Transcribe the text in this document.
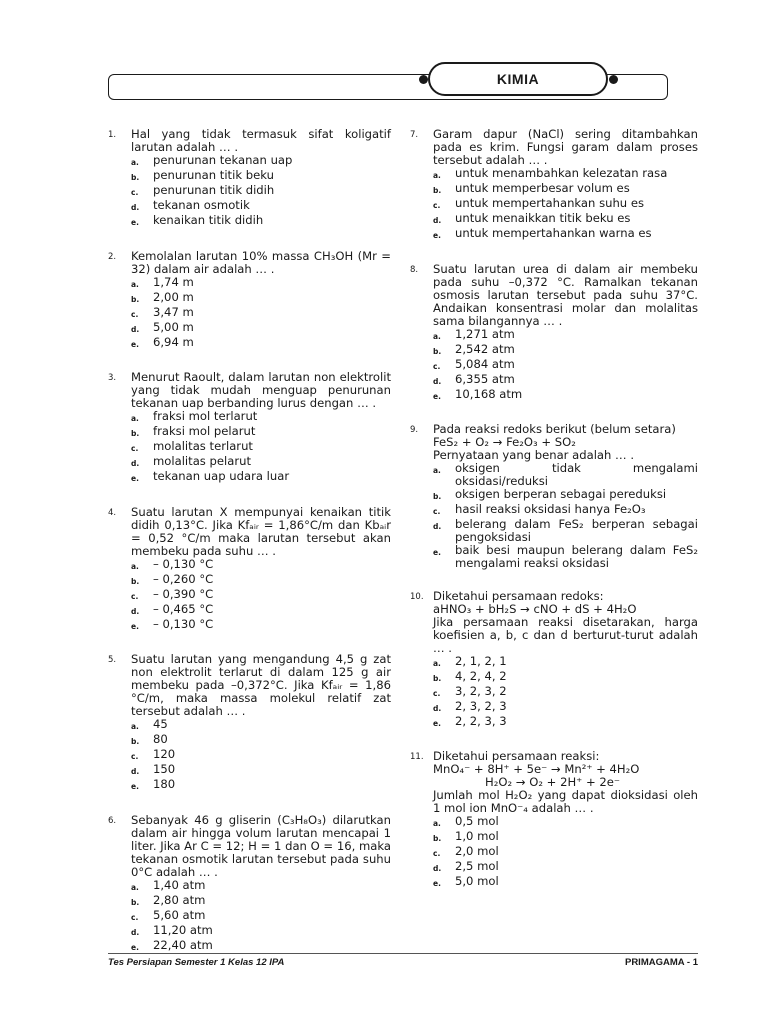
KIMIA
1.	Hal yang tidak termasuk sifat koligatif larutan adalah … .
a.	penurunan tekanan uap
b.	penurunan titik beku
c.	penurunan titik didih
d.	tekanan osmotik
e.	kenaikan titik didih
2.	Kemolalan larutan 10% massa CH₃OH (Mr = 32) dalam air adalah … .
a.	1,74 m
b.	2,00 m
c.	3,47 m
d.	5,00 m
e.	6,94 m
3.	Menurut Raoult, dalam larutan non elektrolit yang tidak mudah menguap penurunan tekanan uap berbanding lurus dengan … .
a.	fraksi mol terlarut
b.	fraksi mol pelarut
c.	molalitas terlarut
d.	molalitas pelarut
e.	tekanan uap udara luar
4.	Suatu larutan X mempunyai kenaikan titik didih 0,13°C. Jika Kfₐᵢᵣ = 1,86°C/m dan Kbₐᵢr = 0,52 °C/m maka larutan tersebut akan membeku pada suhu … .
a.	– 0,130 °C
b.	– 0,260 °C
c.	– 0,390 °C
d.	– 0,465 °C
e.	– 0,130 °C
5.	Suatu larutan yang mengandung 4,5 g zat non elektrolit terlarut di dalam 125 g air membeku pada –0,372°C. Jika Kfₐᵢᵣ = 1,86 °C/m, maka massa molekul relatif zat tersebut adalah … .
a.	45
b.	80
c.	120
d.	150
e.	180
6.	Sebanyak 46 g gliserin (C₃H₈O₃) dilarutkan dalam air hingga volum larutan mencapai 1 liter. Jika Ar C = 12; H = 1 dan O = 16, maka tekanan osmotik larutan tersebut pada suhu 0°C adalah … .
a.	1,40 atm
b.	2,80 atm
c.	5,60 atm
d.	11,20 atm
e.	22,40 atm
7.	Garam dapur (NaCl) sering ditambahkan pada es krim. Fungsi garam dalam proses tersebut adalah … .
a.	untuk menambahkan kelezatan rasa
b.	untuk memperbesar volum es
c.	untuk mempertahankan suhu es
d.	untuk menaikkan titik beku es
e.	untuk mempertahankan warna es
8.	Suatu larutan urea di dalam air membeku pada suhu –0,372 °C. Ramalkan tekanan osmosis larutan tersebut pada suhu 37°C. Andaikan konsentrasi molar dan molalitas sama bilangannya … .
a.	1,271 atm
b.	2,542 atm
c.	5,084 atm
d.	6,355 atm
e.	10,168 atm
9.	Pada reaksi redoks berikut (belum setara)
FeS₂ + O₂ → Fe₂O₃ + SO₂
Pernyataan yang benar adalah … .
a.	oksigen tidak mengalami oksidasi/reduksi
b.	oksigen berperan sebagai pereduksi
c.	hasil reaksi oksidasi hanya Fe₂O₃
d.	belerang dalam FeS₂ berperan sebagai pengoksidasi
e.	baik besi maupun belerang dalam FeS₂ mengalami reaksi oksidasi
10. Diketahui persamaan redoks:
aHNO₃ + bH₂S → cNO + dS + 4H₂O
Jika persamaan reaksi disetarakan, harga koefisien a, b, c dan d berturut-turut adalah … .
a.	2, 1, 2, 1
b.	4, 2, 4, 2
c.	3, 2, 3, 2
d.	2, 3, 2, 3
e.	2, 2, 3, 3
11. Diketahui persamaan reaksi:
MnO₄⁻ + 8H⁺ + 5e⁻ → Mn²⁺ + 4H₂O
H₂O₂ → O₂ + 2H⁺ + 2e⁻
Jumlah mol H₂O₂ yang dapat dioksidasi oleh 1 mol ion MnO⁻₄ adalah … .
a.	0,5 mol
b.	1,0 mol
c.	2,0 mol
d.	2,5 mol
e.	5,0 mol
Tes Persiapan Semester 1 Kelas 12 IPA	PRIMAGAMA - 1
